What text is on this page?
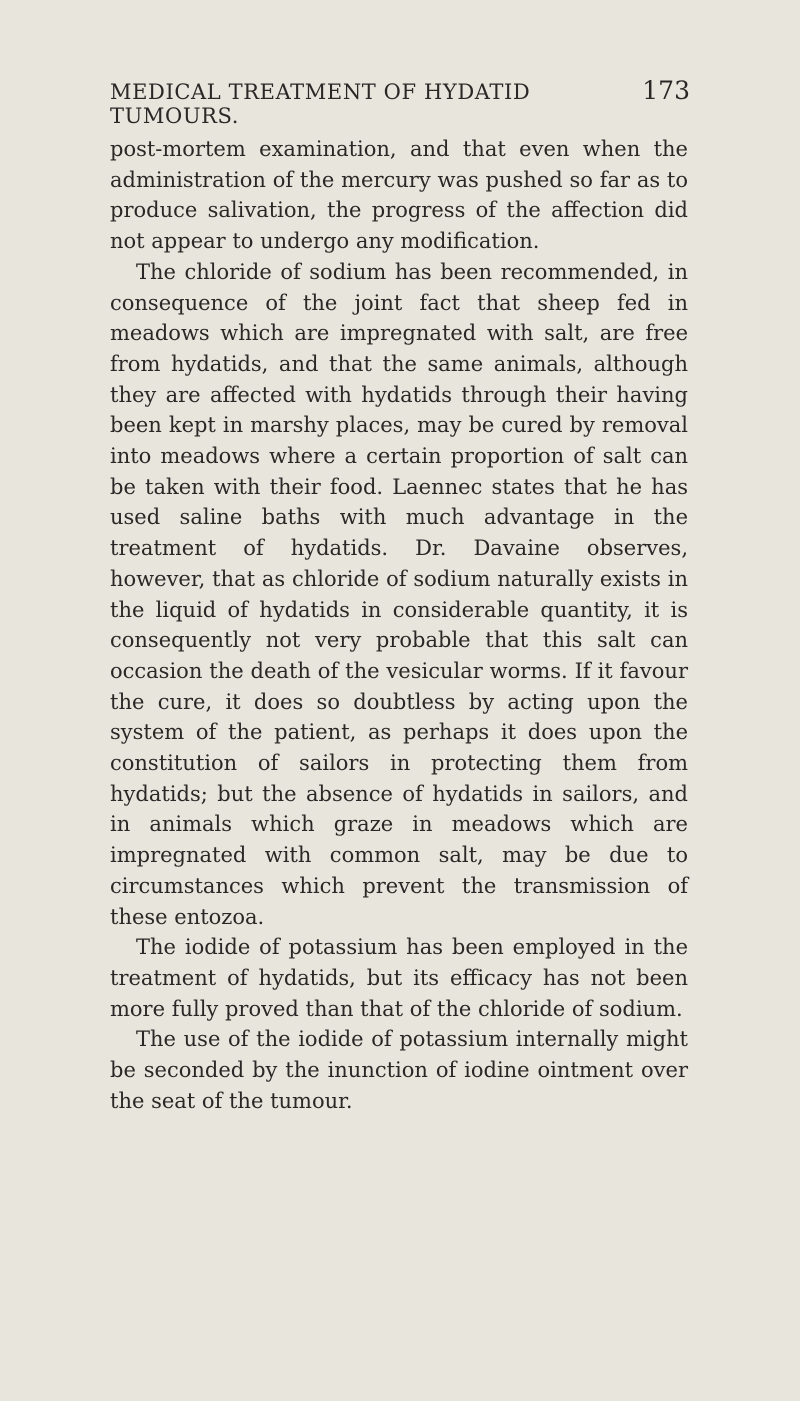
MEDICAL TREATMENT OF HYDATID TUMOURS.
173

post-mortem examination, and that even when the administration of the mercury was pushed so far as to produce salivation, the progress of the affection did not appear to undergo any modification.

The chloride of sodium has been recommended, in consequence of the joint fact that sheep fed in meadows which are impregnated with salt, are free from hydatids, and that the same animals, although they are affected with hydatids through their having been kept in marshy places, may be cured by removal into meadows where a certain proportion of salt can be taken with their food. Laennec states that he has used saline baths with much advantage in the treatment of hydatids. Dr. Davaine observes, however, that as chloride of sodium naturally exists in the liquid of hydatids in considerable quantity, it is consequently not very probable that this salt can occasion the death of the vesicular worms. If it favour the cure, it does so doubtless by acting upon the system of the patient, as perhaps it does upon the constitution of sailors in protecting them from hydatids; but the absence of hydatids in sailors, and in animals which graze in meadows which are impregnated with common salt, may be due to circumstances which prevent the transmission of these entozoa.

The iodide of potassium has been employed in the treatment of hydatids, but its efficacy has not been more fully proved than that of the chloride of sodium.

The use of the iodide of potassium internally might be seconded by the inunction of iodine ointment over the seat of the tumour.
